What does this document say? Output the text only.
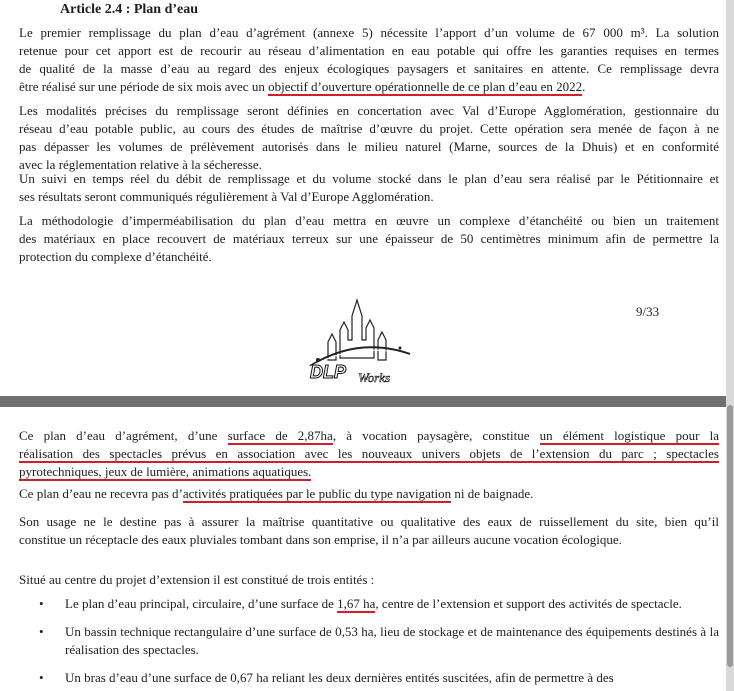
Article 2.4 : Plan d’eau

Le premier remplissage du plan d’eau d’agrément (annexe 5) nécessite l’apport d’un volume de 67 000 m³. La solution
retenue pour cet apport est de recourir au réseau d’alimentation en eau potable qui offre les garanties requises en termes
de qualité de la masse d’eau au regard des enjeux écologiques paysagers et sanitaires en attente. Ce remplissage devra
être réalisé sur une période de six mois avec un objectif d’ouverture opérationnelle de ce plan d’eau en 2022.

Les modalités précises du remplissage seront définies en concertation avec Val d’Europe Agglomération, gestionnaire du
réseau d’eau potable public, au cours des études de maîtrise d’œuvre du projet. Cette opération sera menée de façon à ne
pas dépasser les volumes de prélèvement autorisés dans le milieu naturel (Marne, sources de la Dhuis) et en conformité
avec la réglementation relative à la sécheresse.

Un suivi en temps réel du débit de remplissage et du volume stocké dans le plan d’eau sera réalisé par le Pétitionnaire et
ses résultats seront communiqués régulièrement à Val d’Europe Agglomération.

La méthodologie d’imperméabilisation du plan d’eau mettra en œuvre un complexe d’étanchéité ou bien un traitement
des matériaux en place recouvert de matériaux terreux sur une épaisseur de 50 centimètres minimum afin de permettre la
protection du complexe d’étanchéité.

9/33
DLP Works

Ce plan d’eau d’agrément, d’une surface de 2,87ha, à vocation paysagère, constitue un élément logistique pour la
réalisation des spectacles prévus en association avec les nouveaux univers objets de l’extension du parc ; spectacles
pyrotechniques, jeux de lumière, animations aquatiques.

Ce plan d’eau ne recevra pas d’activités pratiquées par le public du type navigation ni de baignade.

Son usage ne le destine pas à assurer la maîtrise quantitative ou qualitative des eaux de ruissellement du site, bien qu’il
constitue un réceptacle des eaux pluviales tombant dans son emprise, il n’a par ailleurs aucune vocation écologique.

Situé au centre du projet d’extension il est constitué de trois entités :

• Le plan d’eau principal, circulaire, d’une surface de 1,67 ha, centre de l’extension et support des activités de spectacle.
• Un bassin technique rectangulaire d’une surface de 0,53 ha, lieu de stockage et de maintenance des équipements destinés à la réalisation des spectacles.
• Un bras d’eau d’une surface de 0,67 ha reliant les deux dernières entités suscitées, afin de permettre à des
